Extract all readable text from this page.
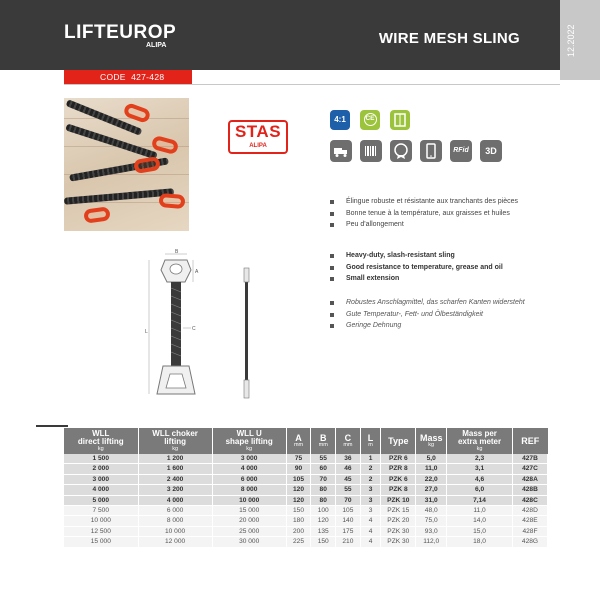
LIFTEUROP
ALIPA	WIRE MESH SLING	12.2022
CODE 427-428
STAS
ALIPA
4:1	CE
RFid	3D
Élingue robuste et résistante aux tranchants des pièces
Bonne tenue à la température, aux graisses et huiles
Peu d'allongement
Heavy-duty, slash-resistant sling
Good resistance to temperature, grease and oil
Small extension
Robustes Anschlagmittel, das scharfen Kanten widersteht
Gute Temperatur-, Fett- und Ölbeständigkeit
Geringe Dehnung
B
A
L	C
WLL
direct lifting
kg	WLL choker
lifting
kg	WLL U
shape lifting
kg	A
mm	B
mm	C
mm	L
m	Type	Mass
kg	Mass per
extra meter
kg	REF

1 500	1 200	3 000	75	55	36	1	PZR 6	5,0	2,3	427B
2 000	1 600	4 000	90	60	46	2	PZR 8	11,0	3,1	427C
3 000	2 400	6 000	105	70	45	2	PZK 6	22,0	4,6	428A
4 000	3 200	8 000	120	80	55	3	PZK 8	27,0	6,0	428B
5 000	4 000	10 000	120	80	70	3	PZK 10	31,0	7,14	428C
7 500	6 000	15 000	150	100	105	3	PZK 15	48,0	11,0	428D
10 000	8 000	20 000	180	120	140	4	PZK 20	75,0	14,0	428E
12 500	10 000	25 000	200	135	175	4	PZK 30	93,0	15,0	428F
15 000	12 000	30 000	225	150	210	4	PZK 30	112,0	18,0	428G
